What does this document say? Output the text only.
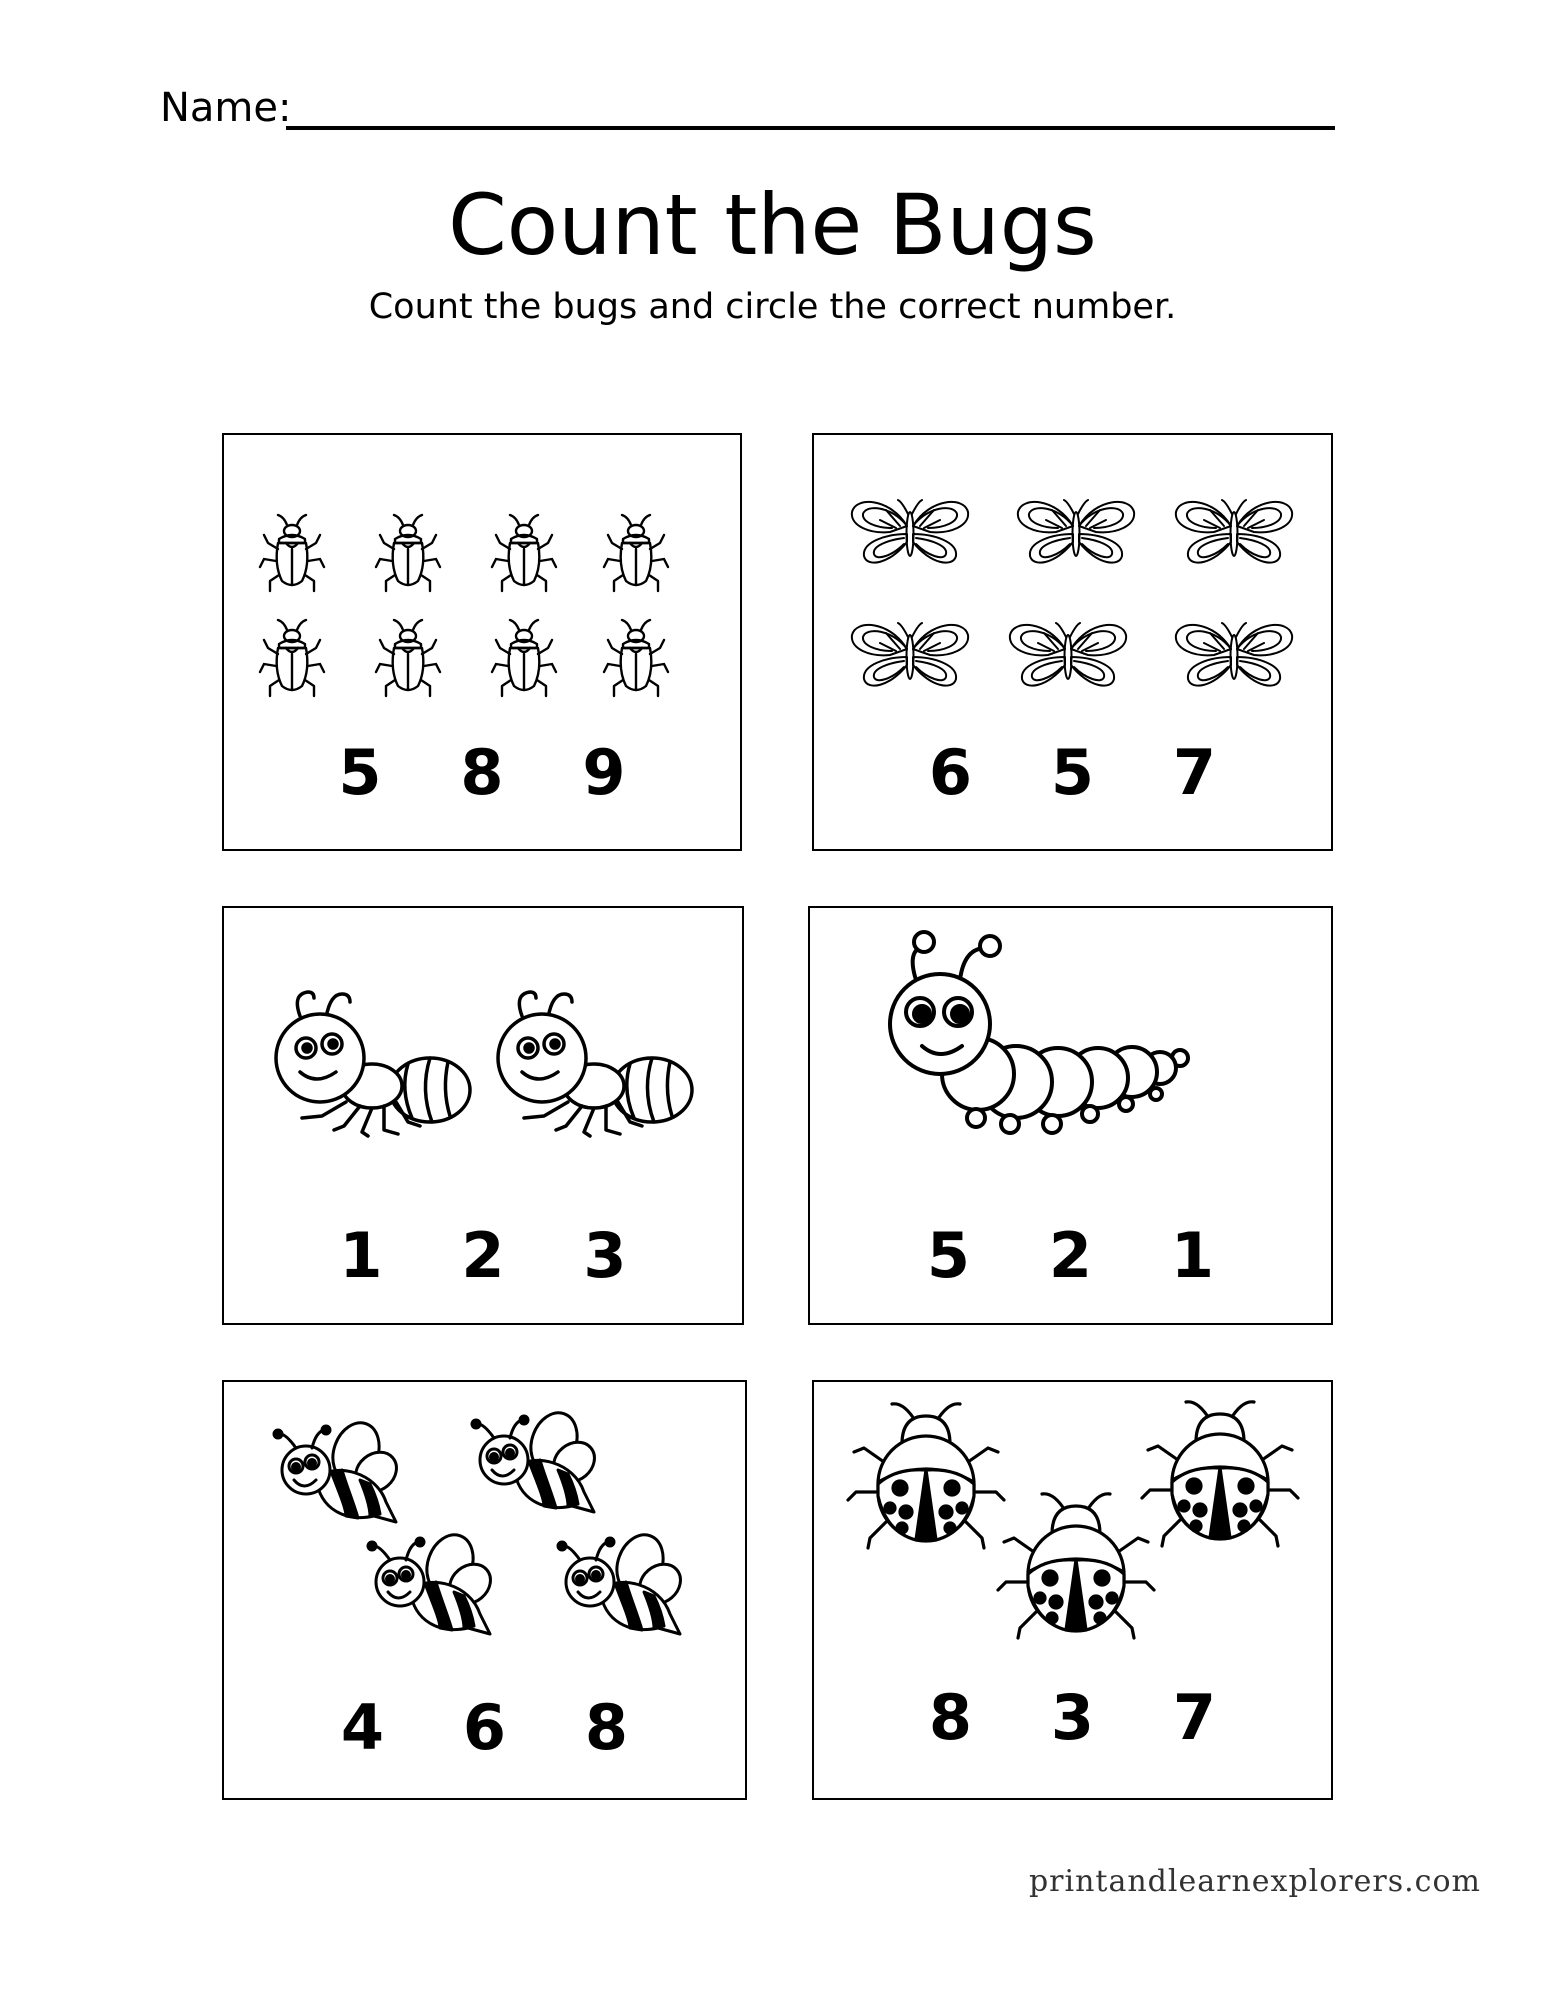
Name:
Count the Bugs
Count the bugs and circle the correct number.
5	8	9	6	5	7
1	2	3	5	2	1
4	6	8	8	3	7
printandlearnexplorers.com
